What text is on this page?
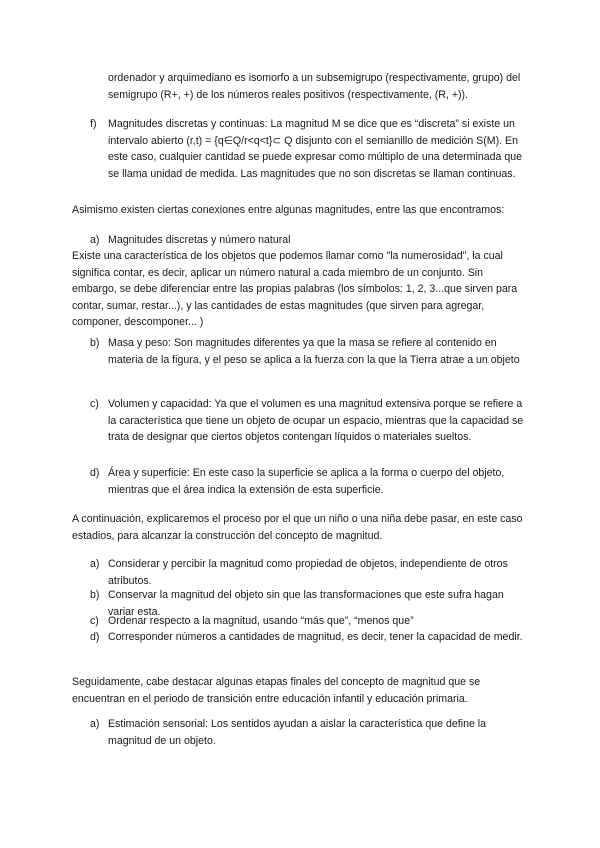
ordenador y arquimediano es isomorfo a un subsemigrupo (respectivamente, grupo) del semigrupo (R+, +) de los números reales positivos (respectivamente, (R, +)).

f) Magnitudes discretas y continuas: La magnitud M se dice que es “discreta” si existe un intervalo abierto (r,t) = {q∈Q/r<q<t}⊂ Q disjunto con el semianillo de medición S(M). En este caso, cualquier cantidad se puede expresar como múltiplo de una determinada que se llama unidad de medida. Las magnitudes que no son discretas se llaman continuas.

Asimismo existen ciertas conexiones entre algunas magnitudes, entre las que encontramos:

a) Magnitudes discretas y número natural

Existe una característica de los objetos que podemos llamar como "la numerosidad", la cual significa contar, es decir, aplicar un número natural a cada miembro de un conjunto. Sin embargo, se debe diferenciar entre las propias palabras (los símbolos: 1, 2, 3...que sirven para contar, sumar, restar...), y las cantidades de estas magnitudes (que sirven para agregar, componer, descomponer... )

b) Masa y peso: Son magnitudes diferentes ya que la masa se refiere al contenido en materia de la figura, y el peso se aplica a la fuerza con la que la Tierra atrae a un objeto

c) Volumen y capacidad: Ya que el volumen es una magnitud extensiva porque se refiere a la característica que tiene un objeto de ocupar un espacio, mientras que la capacidad se trata de designar que ciertos objetos contengan líquidos o materiales sueltos.

d) Área y superficie: En este caso la superficie se aplica a la forma o cuerpo del objeto, mientras que el área indica la extensión de esta superficie.

A continuación, explicaremos el proceso por el que un niño o una niña debe pasar, en este caso estadios, para alcanzar la construcción del concepto de magnitud.

a) Considerar y percibir la magnitud como propiedad de objetos, independiente de otros atributos.

b) Conservar la magnitud del objeto sin que las transformaciones que este sufra hagan variar esta.

c) Ordenar respecto a la magnitud, usando “más que”, “menos que”

d) Corresponder números a cantidades de magnitud, es decir, tener la capacidad de medir.

Seguidamente, cabe destacar algunas etapas finales del concepto de magnitud que se encuentran en el periodo de transición entre educación infantil y educación primaria.

a) Estimación sensorial: Los sentidos ayudan a aislar la característica que define la magnitud de un objeto.
